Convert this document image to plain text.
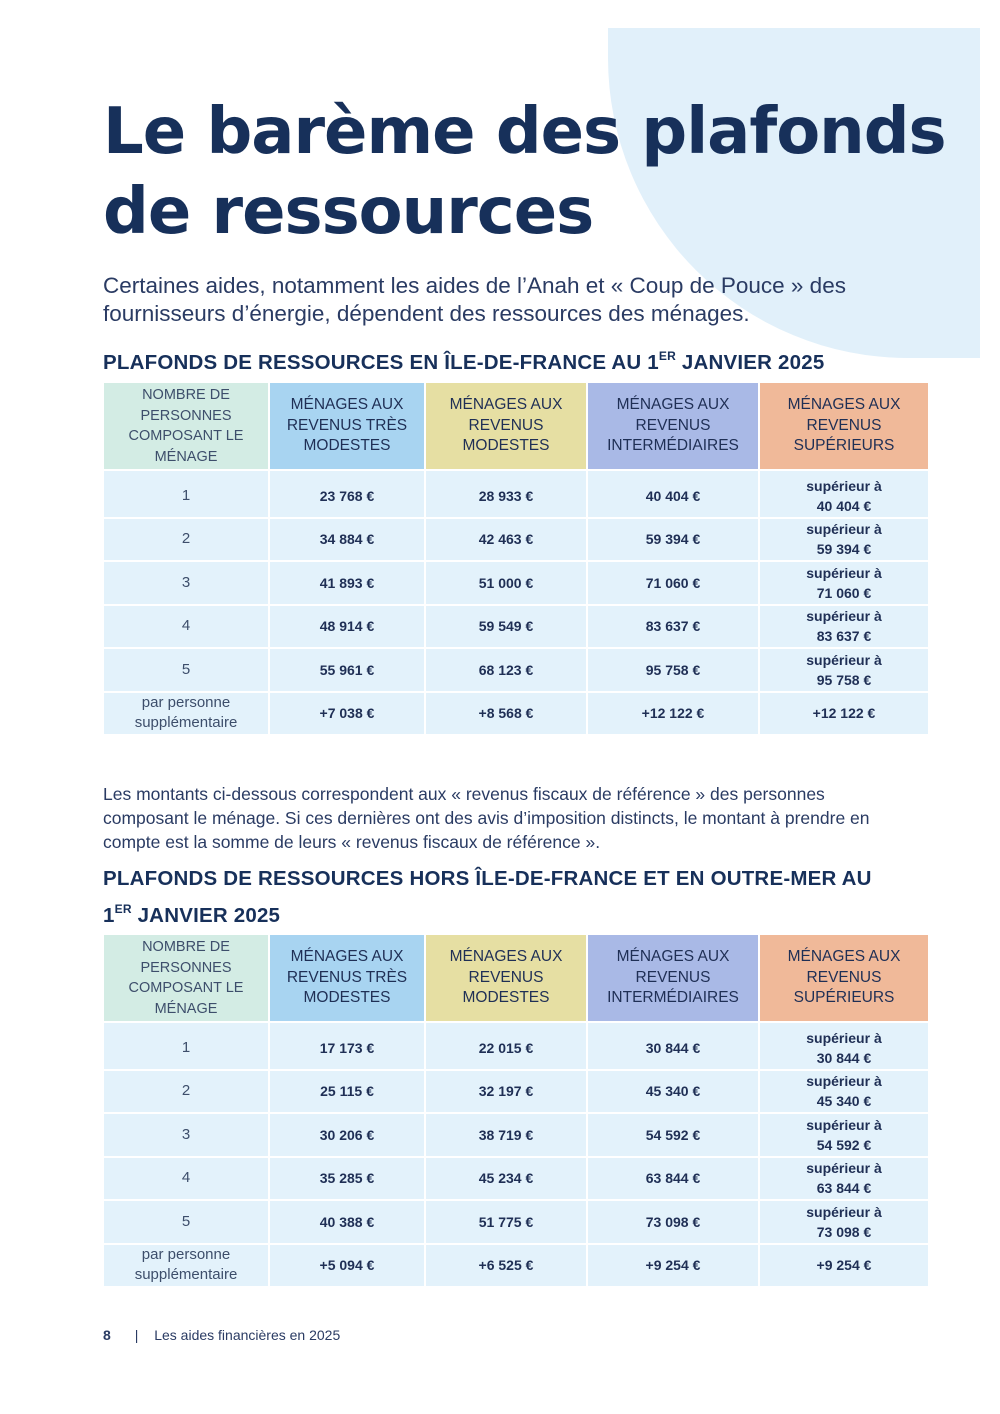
Le barème des plafonds
de ressources

Certaines aides, notamment les aides de l’Anah et « Coup de Pouce » des fournisseurs d’énergie, dépendent des ressources des ménages.

PLAFONDS DE RESSOURCES EN ÎLE-DE-FRANCE AU 1ER JANVIER 2025
NOMBRE DE PERSONNES COMPOSANT LE MÉNAGE	MÉNAGES AUX REVENUS TRÈS MODESTES	MÉNAGES AUX REVENUS MODESTES	MÉNAGES AUX REVENUS INTERMÉDIAIRES	MÉNAGES AUX REVENUS SUPÉRIEURS
1	23 768 €	28 933 €	40 404 €	supérieur à
40 404 €

2	34 884 €	42 463 €	59 394 €	supérieur à
59 394 €

3	41 893 €	51 000 €	71 060 €	supérieur à
71 060 €

4	48 914 €	59 549 €	83 637 €	supérieur à
83 637 €

5	55 961 €	68 123 €	95 758 €	supérieur à
95 758 €

par personne supplémentaire	+7 038 €	+8 568 €	+12 122 €	+12 122 €

Les montants ci-dessous correspondent aux « revenus fiscaux de référence » des personnes composant le ménage. Si ces dernières ont des avis d’imposition distincts, le montant à prendre en compte est la somme de leurs « revenus fiscaux de référence ».

PLAFONDS DE RESSOURCES HORS ÎLE-DE-FRANCE ET EN OUTRE-MER AU 1ER JANVIER 2025
NOMBRE DE PERSONNES COMPOSANT LE MÉNAGE	MÉNAGES AUX REVENUS TRÈS MODESTES	MÉNAGES AUX REVENUS MODESTES	MÉNAGES AUX REVENUS INTERMÉDIAIRES	MÉNAGES AUX REVENUS SUPÉRIEURS
1	17 173 €	22 015 €	30 844 €	supérieur à
30 844 €

2	25 115 €	32 197 €	45 340 €	supérieur à
45 340 €

3	30 206 €	38 719 €	54 592 €	supérieur à
54 592 €

4	35 285 €	45 234 €	63 844 €	supérieur à
63 844 €

5	40 388 €	51 775 €	73 098 €	supérieur à
73 098 €

par personne supplémentaire	+5 094 €	+6 525 €	+9 254 €	+9 254 €
8 | Les aides financières en 2025
